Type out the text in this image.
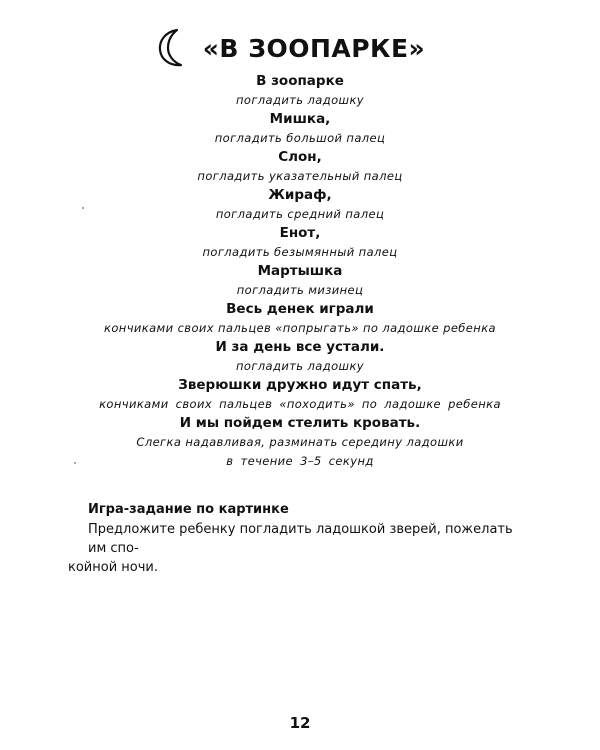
«В ЗООПАРКЕ»
В зоопарке
погладить ладошку
Мишка,
погладить большой палец
Слон,
погладить указательный палец
Жираф,
погладить средний палец
Енот,
погладить безымянный палец
Мартышка
погладить мизинец
Весь денек играли
кончиками своих пальцев «попрыгать» по ладошке ребенка
И за день все устали.
погладить ладошку
Зверюшки дружно идут спать,
кончиками своих пальцев «походить» по ладошке ребенка
И мы пойдем стелить кровать.
Слегка надавливая, разминать середину ладошки
в течение 3–5 секунд
Игра-задание по картинке
Предложите ребенку погладить ладошкой зверей, пожелать им спо-
койной ночи.
12
